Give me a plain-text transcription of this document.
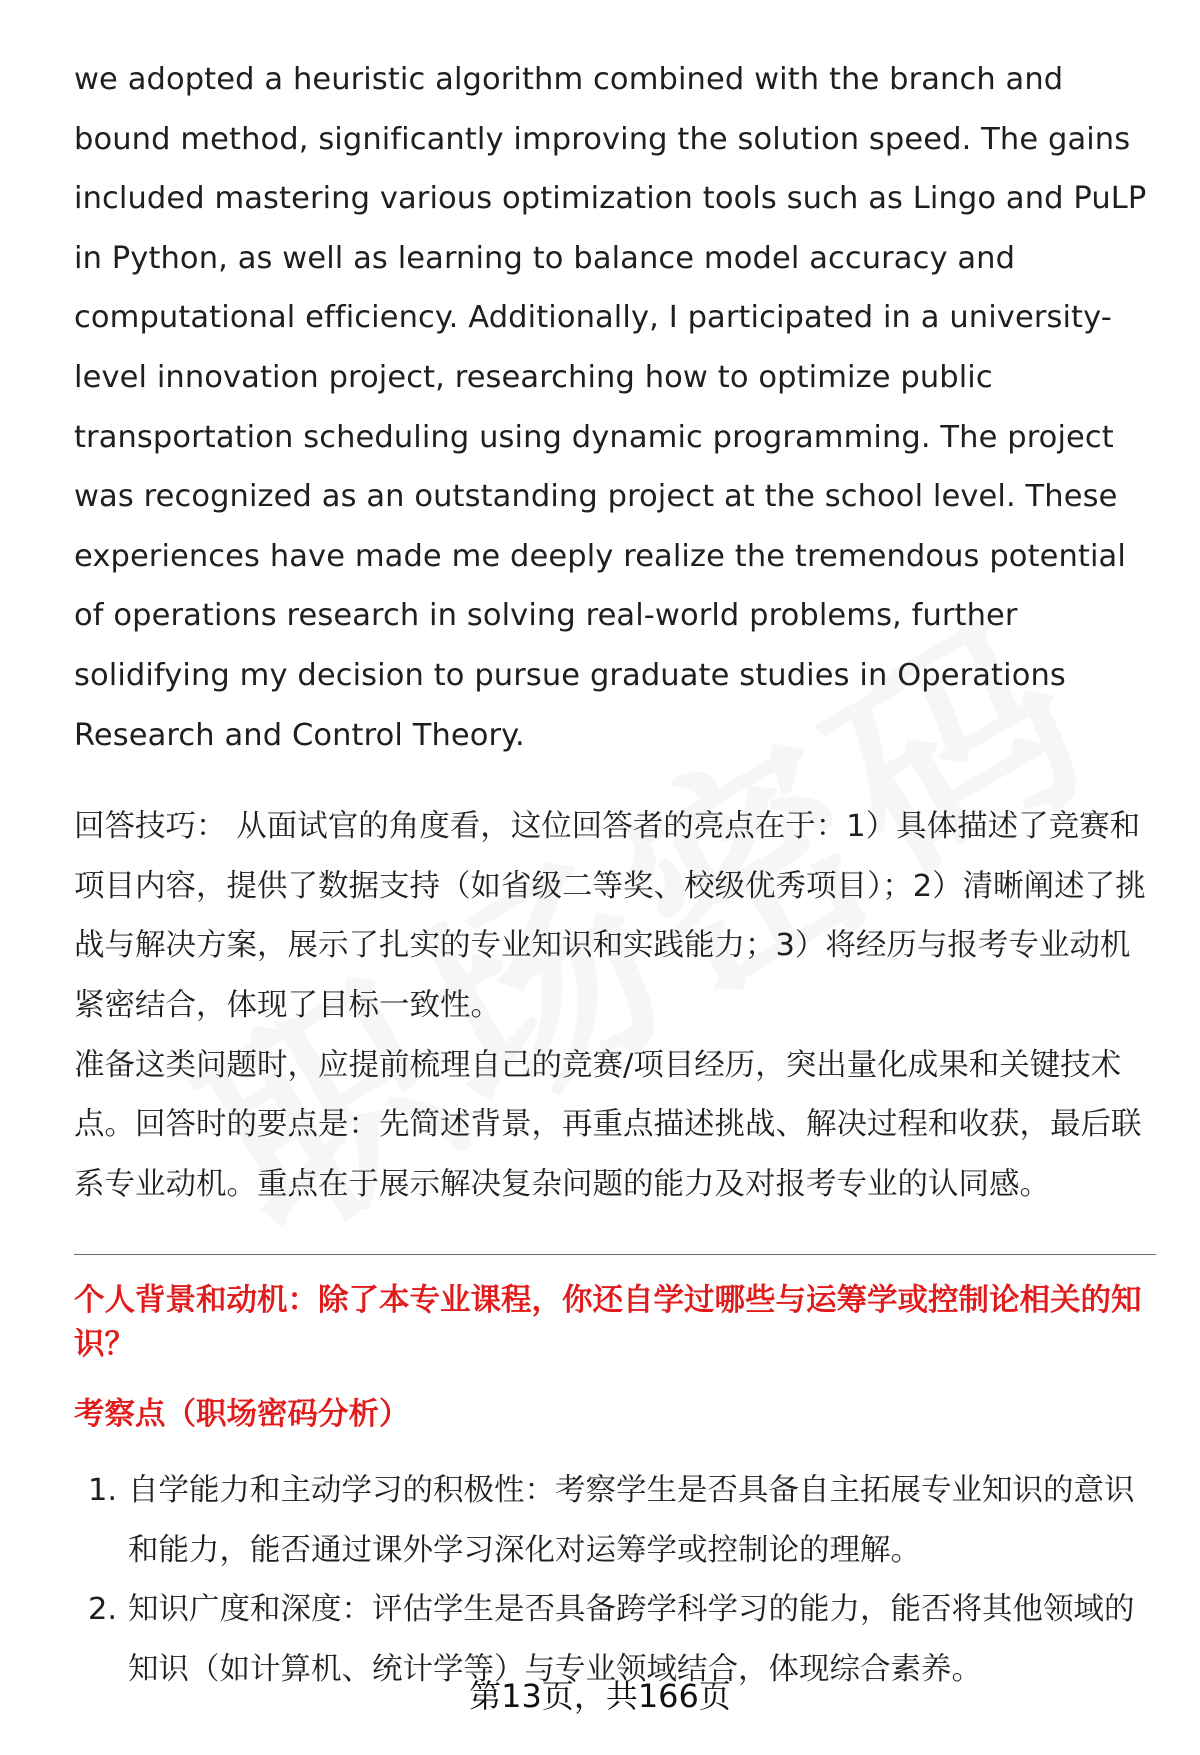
we adopted a heuristic algorithm combined with the branch and bound method, significantly improving the solution speed. The gains included mastering various optimization tools such as Lingo and PuLP in Python, as well as learning to balance model accuracy and computational efficiency. Additionally, I participated in a university-level innovation project, researching how to optimize public transportation scheduling using dynamic programming. The project was recognized as an outstanding project at the school level. These experiences have made me deeply realize the tremendous potential of operations research in solving real-world problems, further solidifying my decision to pursue graduate studies in Operations Research and Control Theory.

回答技巧： 从面试官的角度看，这位回答者的亮点在于：1）具体描述了竞赛和项目内容，提供了数据支持（如省级二等奖、校级优秀项目）；2）清晰阐述了挑战与解决方案，展示了扎实的专业知识和实践能力；3）将经历与报考专业动机紧密结合，体现了目标一致性。

准备这类问题时，应提前梳理自己的竞赛/项目经历，突出量化成果和关键技术点。回答时的要点是：先简述背景，再重点描述挑战、解决过程和收获，最后联系专业动机。重点在于展示解决复杂问题的能力及对报考专业的认同感。

个人背景和动机：除了本专业课程，你还自学过哪些与运筹学或控制论相关的知识？
考察点（职场密码分析）
1. 自学能力和主动学习的积极性：考察学生是否具备自主拓展专业知识的意识和能力，能否通过课外学习深化对运筹学或控制论的理解。
2. 知识广度和深度：评估学生是否具备跨学科学习的能力，能否将其他领域的知识（如计算机、统计学等）与专业领域结合，体现综合素养。
第13页，共166页
